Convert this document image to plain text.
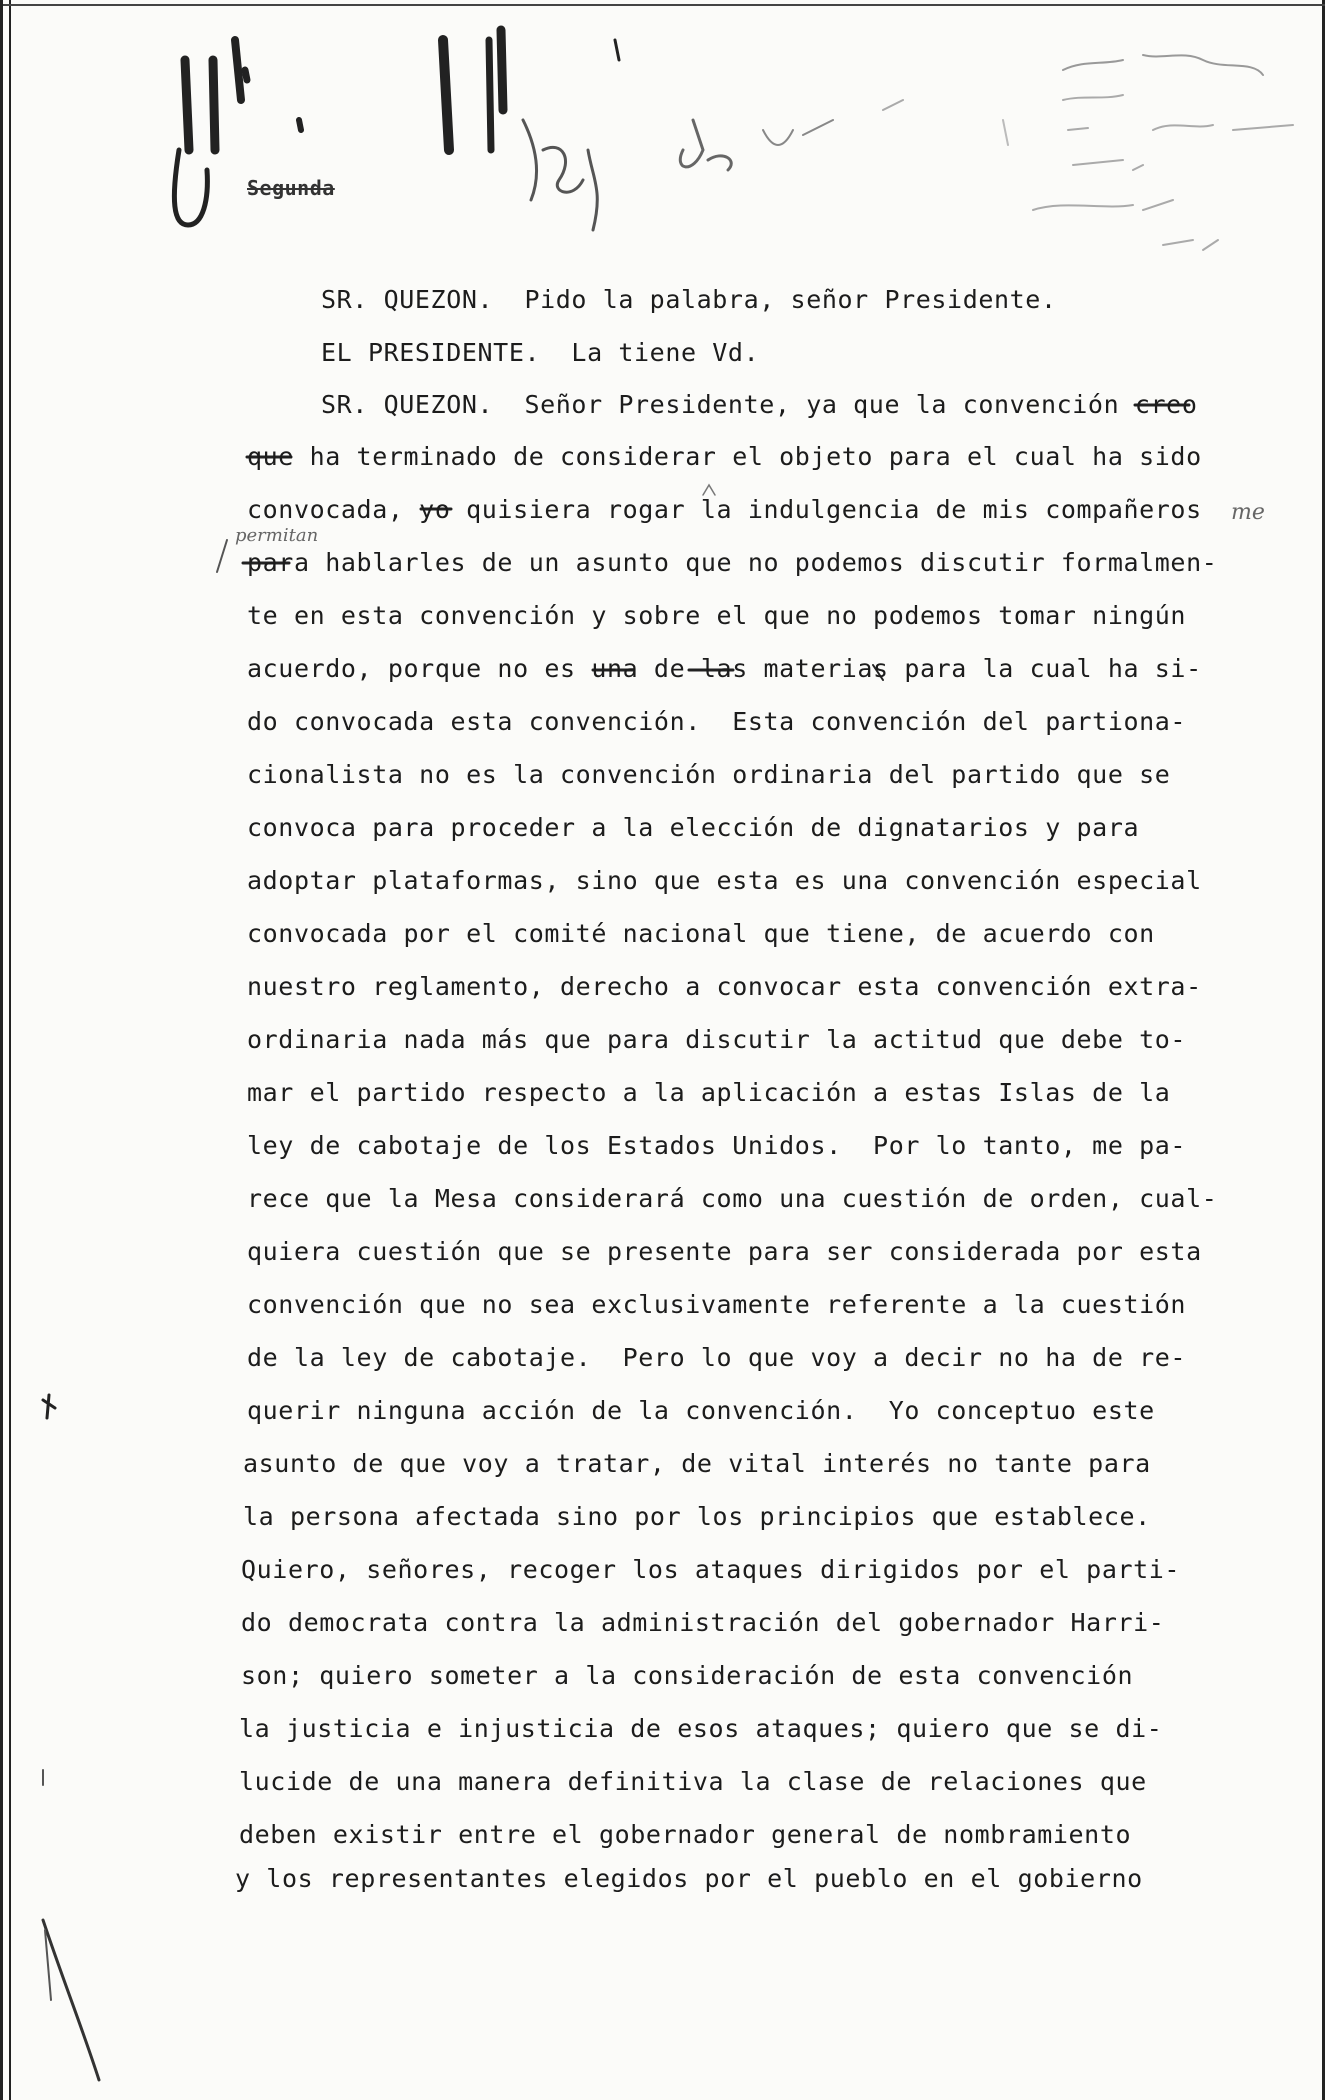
Segunda
me
permitan
SR. QUEZON.  Pido la palabra, señor Presidente.
EL PRESIDENTE.  La tiene Vd.
SR. QUEZON.  Señor Presidente, ya que la convención creo
que ha terminado de considerar el objeto para el cual ha sido
convocada, yo quisiera rogar la indulgencia de mis compañeros
para hablarles de un asunto que no podemos discutir formalmen-
te en esta convención y sobre el que no podemos tomar ningún
acuerdo, porque no es una de las materias para la cual ha si-
do convocada esta convención.  Esta convención del partiona-
cionalista no es la convención ordinaria del partido que se
convoca para proceder a la elección de dignatarios y para
adoptar plataformas, sino que esta es una convención especial
convocada por el comité nacional que tiene, de acuerdo con
nuestro reglamento, derecho a convocar esta convención extra-
ordinaria nada más que para discutir la actitud que debe to-
mar el partido respecto a la aplicación a estas Islas de la
ley de cabotaje de los Estados Unidos.  Por lo tanto, me pa-
rece que la Mesa considerará como una cuestión de orden, cual-
quiera cuestión que se presente para ser considerada por esta
convención que no sea exclusivamente referente a la cuestión
de la ley de cabotaje.  Pero lo que voy a decir no ha de re-
querir ninguna acción de la convención.  Yo conceptuo este
asunto de que voy a tratar, de vital interés no tante para
la persona afectada sino por los principios que establece.
Quiero, señores, recoger los ataques dirigidos por el parti-
do democrata contra la administración del gobernador Harri-
son; quiero someter a la consideración de esta convención
la justicia e injusticia de esos ataques; quiero que se di-
lucide de una manera definitiva la clase de relaciones que
deben existir entre el gobernador general de nombramiento
y los representantes elegidos por el pueblo en el gobierno
